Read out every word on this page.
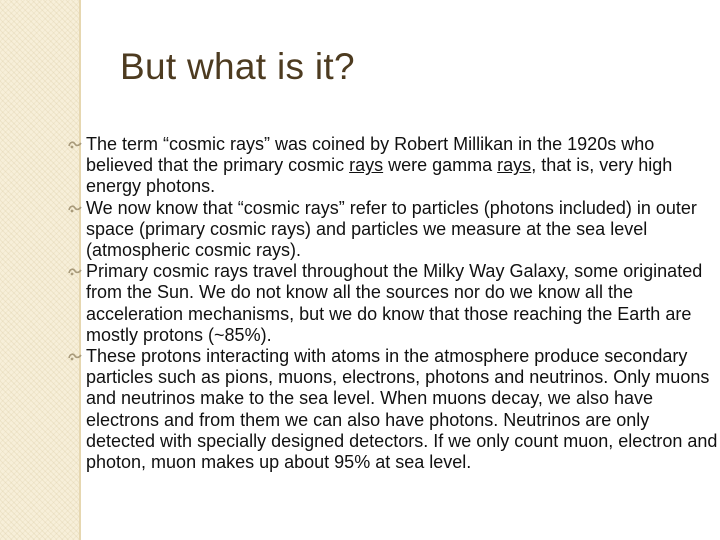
But what is it?

The term “cosmic rays” was coined by Robert Millikan in the 1920s who believed that the primary cosmic rays were gamma rays, that is, very high energy photons.

We now know that “cosmic rays” refer to particles (photons included) in outer space (primary cosmic rays) and particles we measure at the sea level (atmospheric cosmic rays).

Primary cosmic rays travel throughout the Milky Way Galaxy, some originated from the Sun. We do not know all the sources nor do we know all the acceleration mechanisms, but we do know that those reaching the Earth are mostly protons (~85%).

These protons interacting with atoms in the atmosphere produce secondary particles such as pions, muons, electrons, photons and neutrinos. Only muons and neutrinos make to the sea level. When muons decay, we also have electrons and from them we can also have photons. Neutrinos are only detected with specially designed detectors. If we only count muon, electron and photon, muon makes up about 95% at sea level.
